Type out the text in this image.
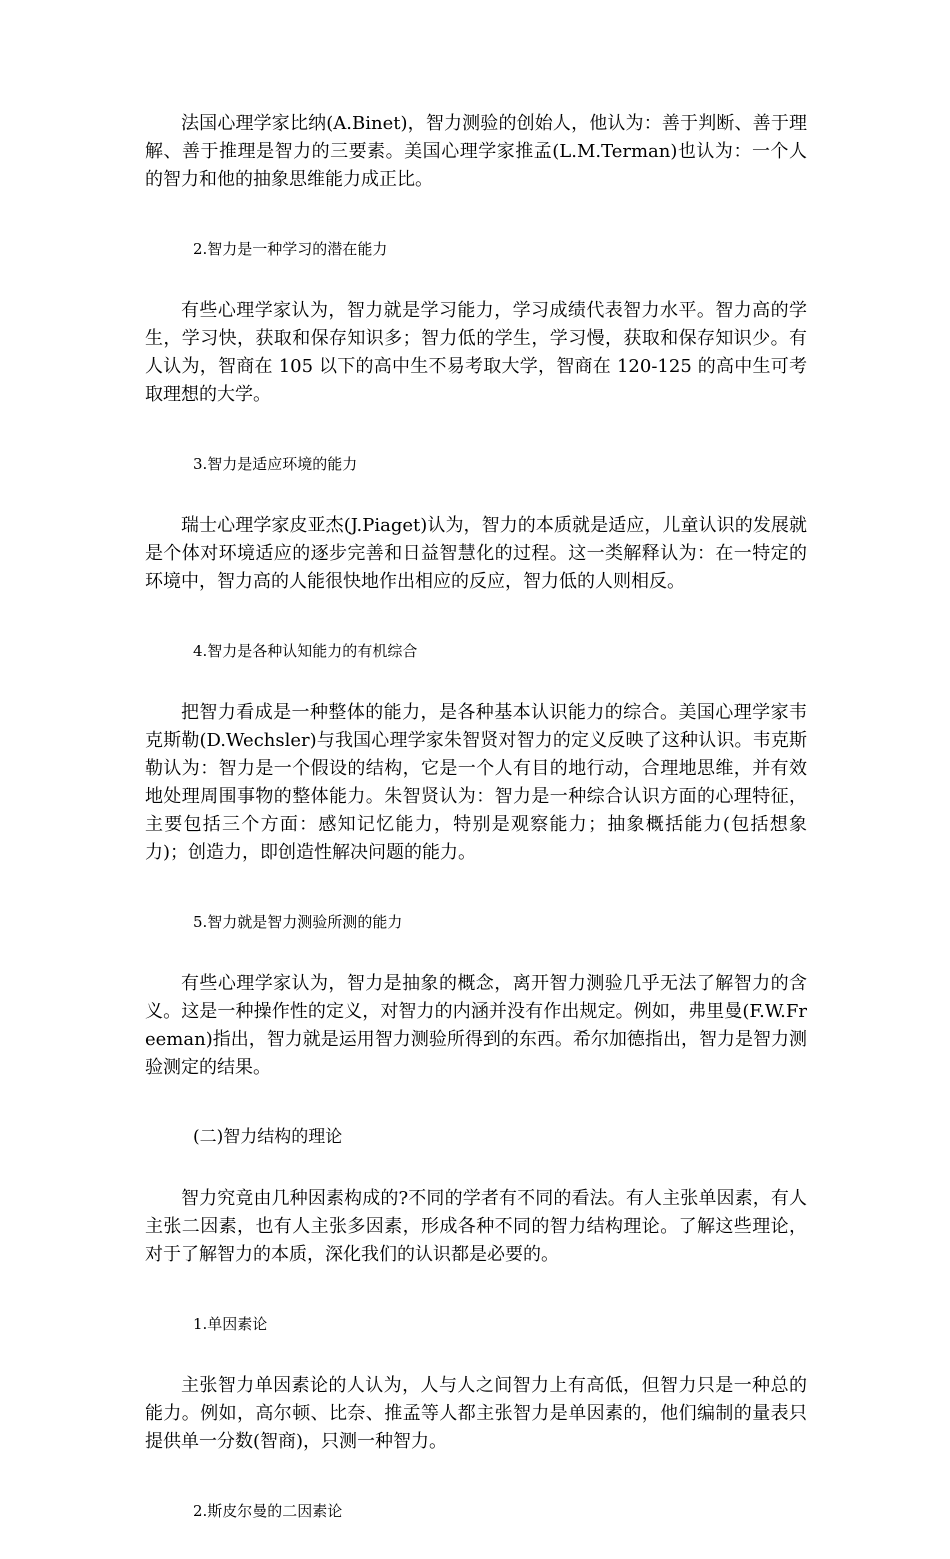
法国心理学家比纳(A.Binet)，智力测验的创始人，他认为：善于判断、善于理解、善于推理是智力的三要素。美国心理学家推孟(L.M.Terman)也认为：一个人的智力和他的抽象思维能力成正比。

2.智力是一种学习的潜在能力

有些心理学家认为，智力就是学习能力，学习成绩代表智力水平。智力高的学生，学习快，获取和保存知识多；智力低的学生，学习慢，获取和保存知识少。有人认为，智商在 105 以下的高中生不易考取大学，智商在 120-125 的高中生可考取理想的大学。

3.智力是适应环境的能力

瑞士心理学家皮亚杰(J.Piaget)认为，智力的本质就是适应，儿童认识的发展就是个体对环境适应的逐步完善和日益智慧化的过程。这一类解释认为：在一特定的环境中，智力高的人能很快地作出相应的反应，智力低的人则相反。

4.智力是各种认知能力的有机综合

把智力看成是一种整体的能力，是各种基本认识能力的综合。美国心理学家韦克斯勒(D.Wechsler)与我国心理学家朱智贤对智力的定义反映了这种认识。韦克斯勒认为：智力是一个假设的结构，它是一个人有目的地行动，合理地思维，并有效地处理周围事物的整体能力。朱智贤认为：智力是一种综合认识方面的心理特征，主要包括三个方面：感知记忆能力，特别是观察能力；抽象概括能力(包括想象力)；创造力，即创造性解决问题的能力。

5.智力就是智力测验所测的能力

有些心理学家认为，智力是抽象的概念，离开智力测验几乎无法了解智力的含义。这是一种操作性的定义，对智力的内涵并没有作出规定。例如，弗里曼(F.W.Freeman)指出，智力就是运用智力测验所得到的东西。希尔加德指出，智力是智力测验测定的结果。

(二)智力结构的理论

智力究竟由几种因素构成的?不同的学者有不同的看法。有人主张单因素，有人主张二因素，也有人主张多因素，形成各种不同的智力结构理论。了解这些理论，对于了解智力的本质，深化我们的认识都是必要的。

1.单因素论

主张智力单因素论的人认为，人与人之间智力上有高低，但智力只是一种总的能力。例如，高尔顿、比奈、推孟等人都主张智力是单因素的，他们编制的量表只提供单一分数(智商)，只测一种智力。

2.斯皮尔曼的二因素论
